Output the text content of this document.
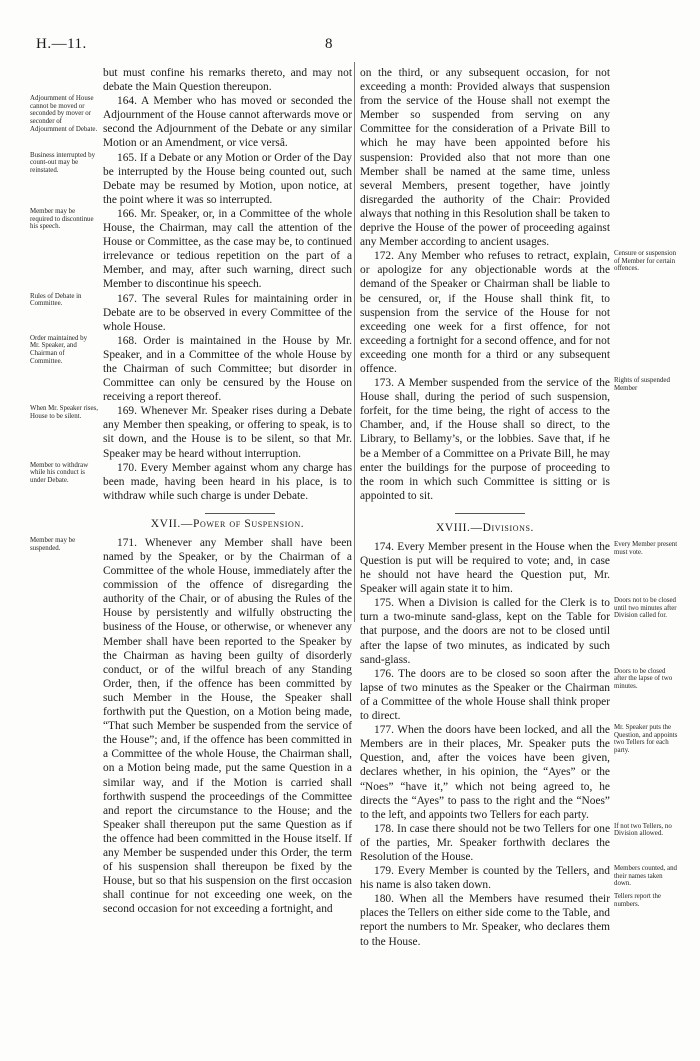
H.—11.	8

but must confine his remarks thereto, and may not debate the Main Question thereupon.

Adjournment of House cannot be moved or seconded by mover or seconder of Adjournment of Debate.
164. A Member who has moved or seconded the Adjournment of the House cannot afterwards move or second the Adjournment of the Debate or any similar Motion or an Amendment, or vice versâ.

Business interrupted by count-out may be reinstated.
165. If a Debate or any Motion or Order of the Day be interrupted by the House being counted out, such Debate may be resumed by Motion, upon notice, at the point where it was so interrupted.

Member may be required to discontinue his speech.
166. Mr. Speaker, or, in a Committee of the whole House, the Chairman, may call the attention of the House or Committee, as the case may be, to continued irrelevance or tedious repetition on the part of a Member, and may, after such warning, direct such Member to discontinue his speech.

Rules of Debate in Committee.	167. The several Rules for maintaining order in Debate are to be observed in every Committee of the whole House.

Order maintained by Mr. Speaker, and Chairman of Committee.
168. Order is maintained in the House by Mr. Speaker, and in a Committee of the whole House by the Chairman of such Committee; but disorder in Committee can only be censured by the House on receiving a report thereof.

When Mr. Speaker rises, House to be silent.	169. Whenever Mr. Speaker rises during a Debate any Member then speaking, or offering to speak, is to sit down, and the House is to be silent, so that Mr. Speaker may be heard without interruption.

Member to withdraw while his conduct is under Debate.
170. Every Member against whom any charge has been made, having been heard in his place, is to withdraw while such charge is under Debate.

XVII.—Power of Suspension.

Member may be suspended.	171. Whenever any Member shall have been named by the Speaker, or by the Chairman of a Committee of the whole House, immediately after the commission of the offence of disregarding the authority of the Chair, or of abusing the Rules of the House by persistently and wilfully obstructing the business of the House, or otherwise, or whenever any Member shall have been reported to the Speaker by the Chairman as having been guilty of disorderly conduct, or of the wilful breach of any Standing Order, then, if the offence has been committed by such Member in the House, the Speaker shall forthwith put the Question, on a Motion being made, “That such Member be suspended from the service of the House”; and, if the offence has been committed in a Committee of the whole House, the Chairman shall, on a Motion being made, put the same Question in a similar way, and if the Motion is carried shall forthwith suspend the proceedings of the Committee and report the circumstance to the House; and the Speaker shall thereupon put the same Question as if the offence had been committed in the House itself. If any Member be suspended under this Order, the term of his suspension shall thereupon be fixed by the House, but so that his suspension on the first occasion shall continue for not exceeding one week, on the second occasion for not exceeding a fortnight, and

on the third, or any subsequent occasion, for not exceeding a month: Provided always that suspension from the service of the House shall not exempt the Member so suspended from serving on any Committee for the consideration of a Private Bill to which he may have been appointed before his suspension: Provided also that not more than one Member shall be named at the same time, unless several Members, present together, have jointly disregarded the authority of the Chair: Provided always that nothing in this Resolution shall be taken to deprive the House of the power of proceeding against any Member according to ancient usages.

Censure or suspension of Member for certain offences.
172. Any Member who refuses to retract, explain, or apologize for any objectionable words at the demand of the Speaker or Chairman shall be liable to be censured, or, if the House shall think fit, to suspension from the service of the House for not exceeding one week for a first offence, for not exceeding a fortnight for a second offence, and for not exceeding one month for a third or any subsequent offence.

Rights of suspended Member
173. A Member suspended from the service of the House shall, during the period of such suspension, forfeit, for the time being, the right of access to the Chamber, and, if the House shall so direct, to the Library, to Bellamy’s, or the lobbies. Save that, if he be a Member of a Committee on a Private Bill, he may enter the buildings for the purpose of proceeding to the room in which such Committee is sitting or is appointed to sit.

XVIII.—Divisions.

Every Member present must vote.
174. Every Member present in the House when the Question is put will be required to vote; and, in case he should not have heard the Question put, Mr. Speaker will again state it to him.

Doors not to be closed until two minutes after Division called for.
175. When a Division is called for the Clerk is to turn a two-minute sand-glass, kept on the Table for that purpose, and the doors are not to be closed until after the lapse of two minutes, as indicated by such sand-glass.

Doors to be closed after the lapse of two minutes.
176. The doors are to be closed so soon after the lapse of two minutes as the Speaker or the Chairman of a Committee of the whole House shall think proper to direct.

Mr. Speaker puts the Question, and appoints two Tellers for each party.
177. When the doors have been locked, and all the Members are in their places, Mr. Speaker puts the Question, and, after the voices have been given, declares whether, in his opinion, the “Ayes” or the “Noes” “have it,” which not being agreed to, he directs the “Ayes” to pass to the right and the “Noes” to the left, and appoints two Tellers for each party.

If not two Tellers, no Division allowed.
178. In case there should not be two Tellers for one of the parties, Mr. Speaker forthwith declares the Resolution of the House.

Members counted, and their names taken down.
179. Every Member is counted by the Tellers, and his name is also taken down.

Tellers report the numbers.
180. When all the Members have resumed their places the Tellers on either side come to the Table, and report the numbers to Mr. Speaker, who declares them to the House.
